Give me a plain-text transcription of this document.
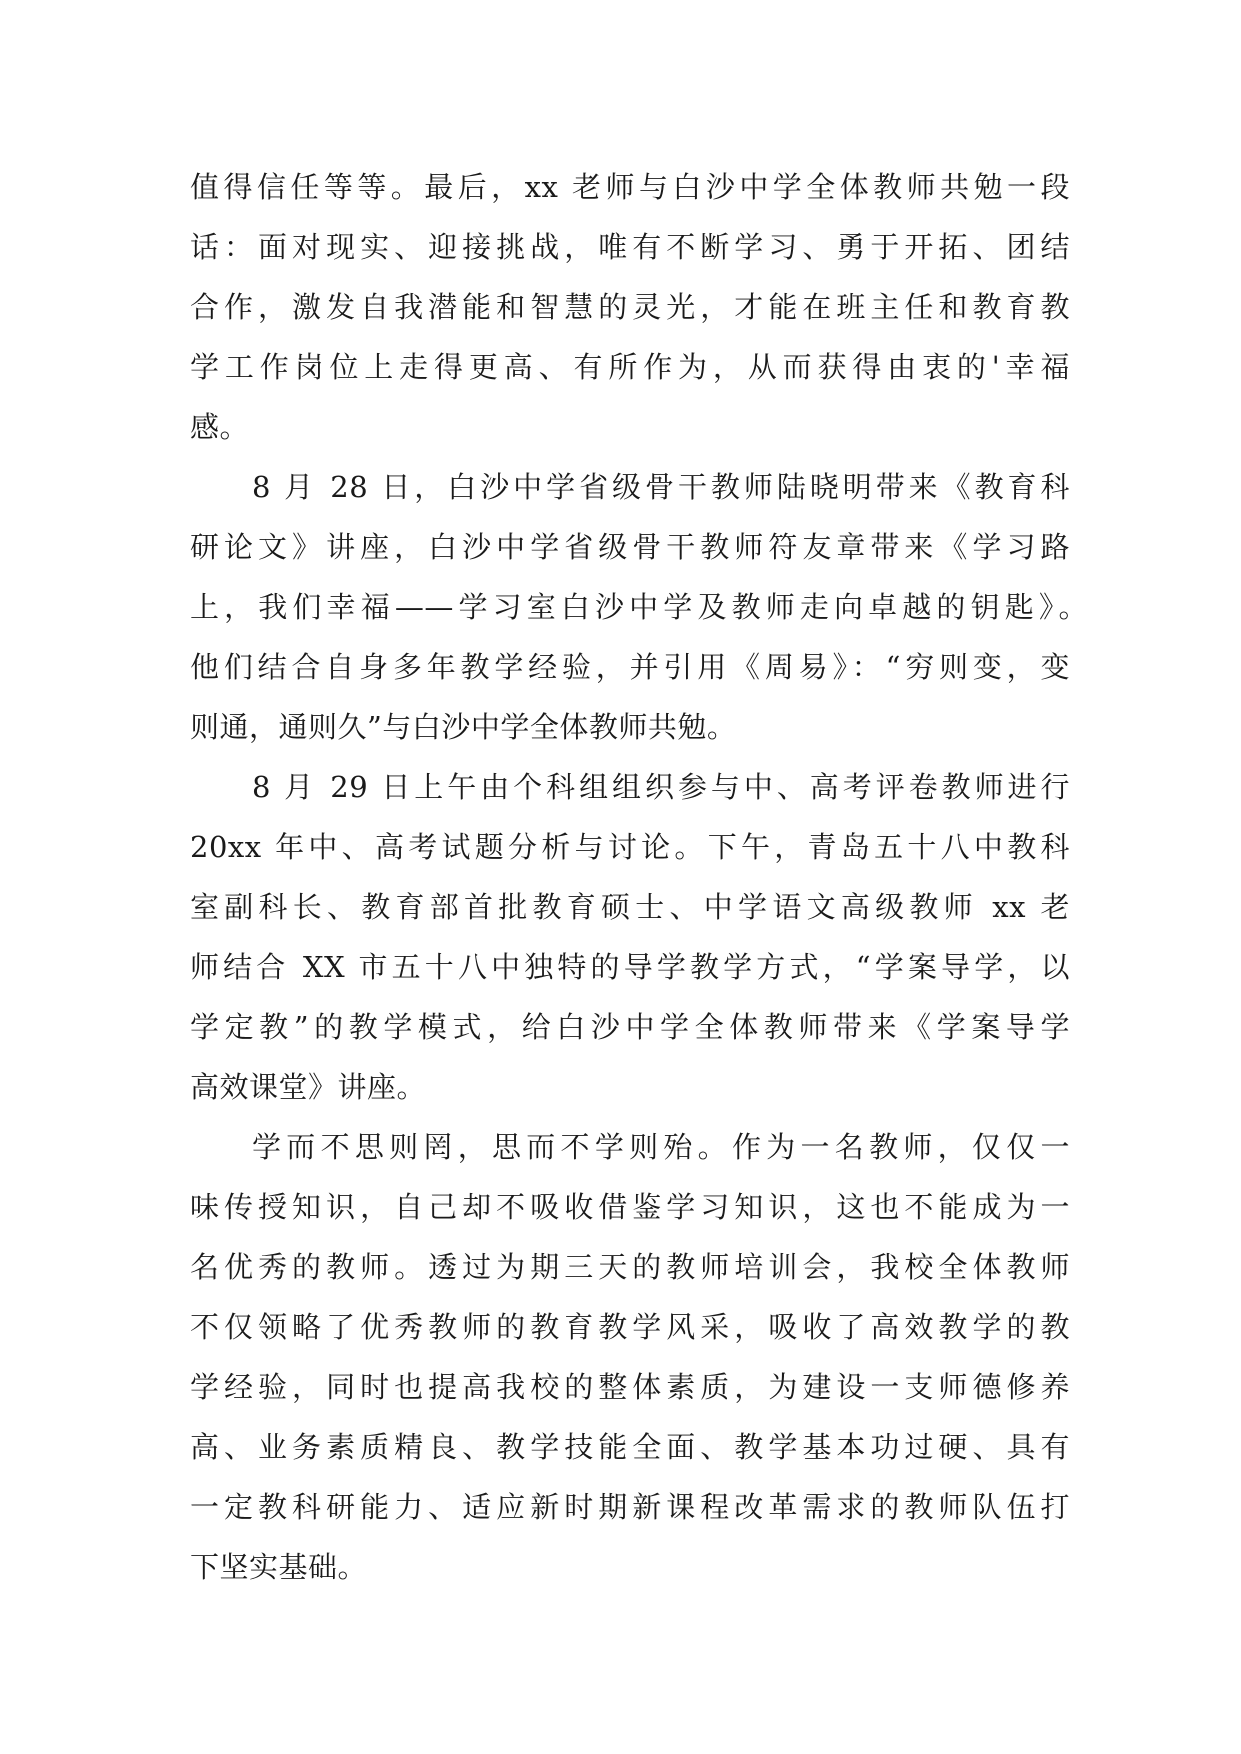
值得信任等等。最后，xx 老师与白沙中学全体教师共勉一段
话：面对现实、迎接挑战，唯有不断学习、勇于开拓、团结
合作，激发自我潜能和智慧的灵光，才能在班主任和教育教
学工作岗位上走得更高、有所作为，从而获得由衷的'幸福
感。
8 月 28 日，白沙中学省级骨干教师陆晓明带来《教育科
研论文》讲座，白沙中学省级骨干教师符友章带来《学习路
上，我们幸福——学习室白沙中学及教师走向卓越的钥匙》。
他们结合自身多年教学经验，并引用《周易》：“穷则变，变
则通，通则久”与白沙中学全体教师共勉。
8 月 29 日上午由个科组组织参与中、高考评卷教师进行
20xx 年中、高考试题分析与讨论。下午，青岛五十八中教科
室副科长、教育部首批教育硕士、中学语文高级教师 xx 老
师结合 XX 市五十八中独特的导学教学方式，“学案导学，以
学定教”的教学模式，给白沙中学全体教师带来《学案导学
高效课堂》讲座。
学而不思则罔，思而不学则殆。作为一名教师，仅仅一
味传授知识，自己却不吸收借鉴学习知识，这也不能成为一
名优秀的教师。透过为期三天的教师培训会，我校全体教师
不仅领略了优秀教师的教育教学风采，吸收了高效教学的教
学经验，同时也提高我校的整体素质，为建设一支师德修养
高、业务素质精良、教学技能全面、教学基本功过硬、具有
一定教科研能力、适应新时期新课程改革需求的教师队伍打
下坚实基础。
